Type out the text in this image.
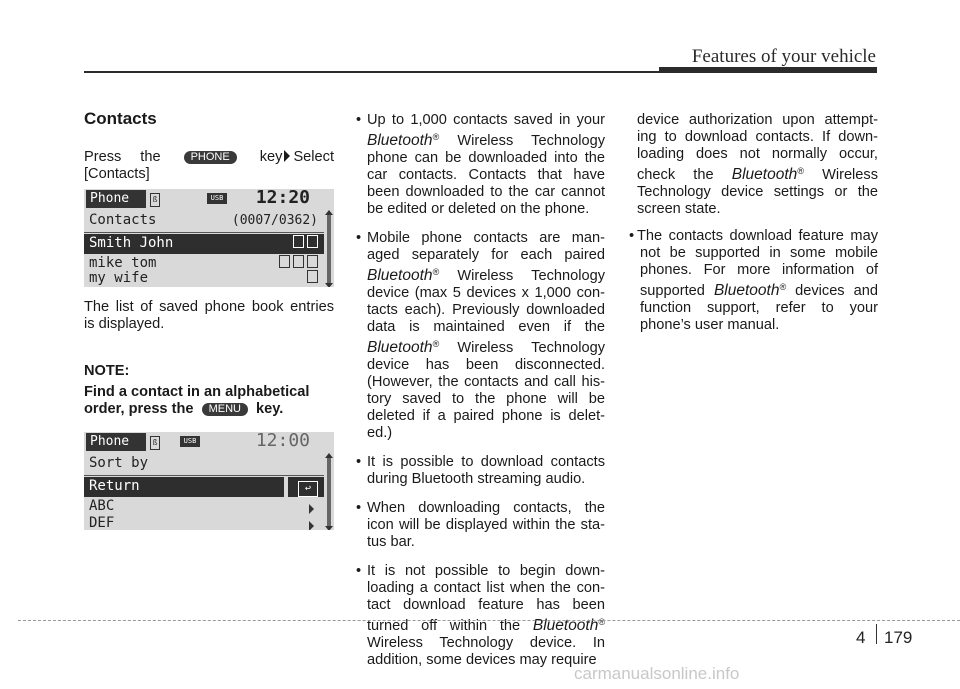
Features of your vehicle
Contacts

Press the	PHONE key Select

[Contacts]

Phone	ß	USB 12:20
Contacts	(0007/0362)
Smith John
mike tom
my wife

The list of saved phone book entries

is displayed.

NOTE:

Find a contact in an alphabetical

order, press the MENU key.

Phone	ß	USB	12:00
Sort by
Return	↩
ABC
DEF

• Up to 1,000 contacts saved in your

Bluetooth® Wireless Technology

phone can be downloaded into the

car contacts. Contacts that have

been downloaded to the car cannot

be edited or deleted on the phone.

• Mobile phone contacts are man-

aged separately for each paired

Bluetooth® Wireless Technology

device (max 5 devices x 1,000 con-

tacts each). Previously downloaded

data is maintained even if the

Bluetooth® Wireless Technology

device has been disconnected.

(However, the contacts and call his-

tory saved to the phone will be

deleted if a paired phone is delet-

ed.)

• It is possible to download contacts

during Bluetooth streaming audio.

• When downloading contacts, the

icon will be displayed within the sta-

tus bar.

• It is not possible to begin down-

loading a contact list when the con-

tact download feature has been

turned off within the Bluetooth®

Wireless Technology device. In

addition, some devices may require

device authorization upon attempt-

ing to download contacts. If down-

loading does not normally occur,

check the Bluetooth® Wireless

Technology device settings or the

screen state.

• The contacts download feature may

not be supported in some mobile

phones. For more information of

supported Bluetooth® devices and

function support, refer to your

phone’s user manual.

4 179
carmanualsonline.info
